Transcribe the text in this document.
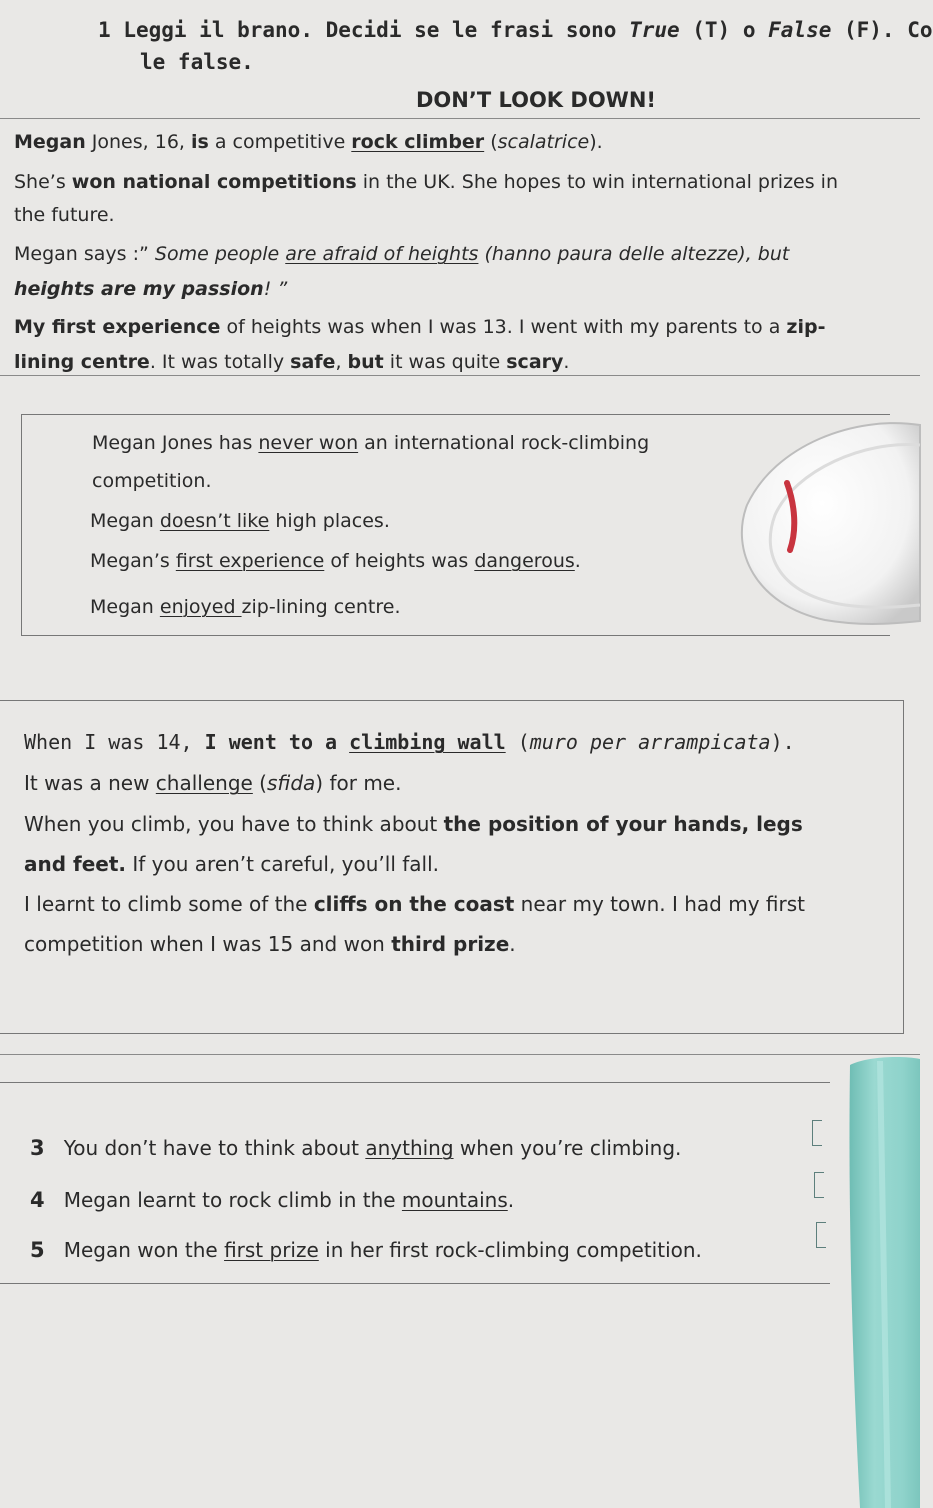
1 Leggi il brano. Decidi se le frasi sono True (T) o False (F). Co
le false.
DON’T LOOK DOWN!
Megan Jones, 16, is a competitive rock climber (scalatrice).
She’s won national competitions in the UK. She hopes to win international prizes in
the future.
Megan says :” Some people are afraid of heights (hanno paura delle altezze), but
heights are my passion! ”
My first experience of heights was when I was 13. I went with my parents to a zip-
lining centre. It was totally safe, but it was quite scary.
Megan Jones has never won an international rock-climbing
competition.
Megan doesn’t like high places.
Megan’s first experience of heights was dangerous.
Megan enjoyed zip-lining centre.
When I was 14, I went to a climbing wall (muro per arrampicata).
It was a new challenge (sfida) for me.
When you climb, you have to think about the position of your hands, legs
and feet. If you aren’t careful, you’ll fall.
I learnt to climb some of the cliffs on the coast near my town. I had my first
competition when I was 15 and won third prize.
3 You don’t have to think about anything when you’re climbing.
4 Megan learnt to rock climb in the mountains.
5 Megan won the first prize in her first rock-climbing competition.
